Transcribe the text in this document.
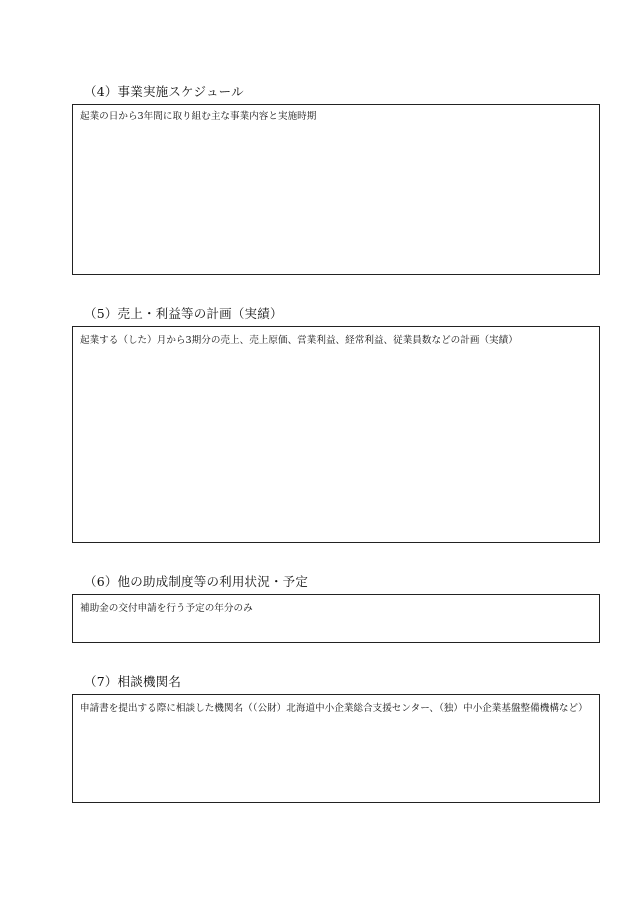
（4）事業実施スケジュール
起業の日から3年間に取り組む主な事業内容と実施時期
（5）売上・利益等の計画（実績）
起業する（した）月から3期分の売上、売上原価、営業利益、経常利益、従業員数などの計画（実績）
（6）他の助成制度等の利用状況・予定
補助金の交付申請を行う予定の年分のみ
（7）相談機関名
申請書を提出する際に相談した機関名（（公財）北海道中小企業総合支援センター、（独）中小企業基盤整備機構など）
